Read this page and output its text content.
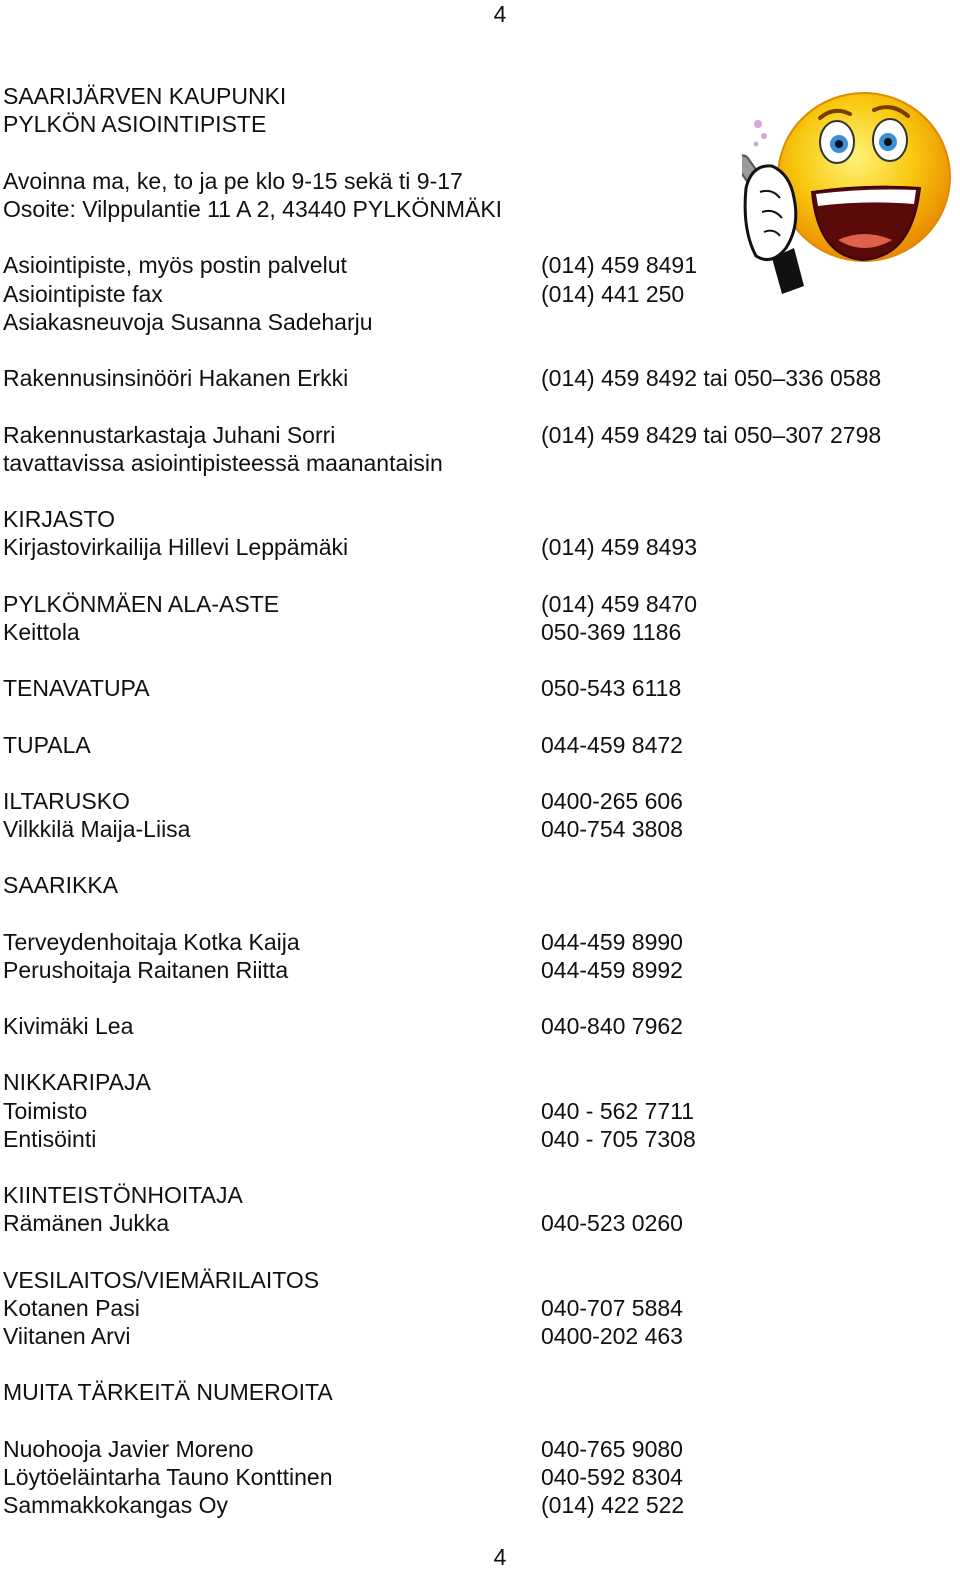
4
SAARIJÄRVEN KAUPUNKI
PYLKÖN ASIOINTIPISTE
Avoinna ma, ke, to ja pe klo 9-15 sekä ti 9-17
Osoite: Vilppulantie 11 A 2, 43440 PYLKÖNMÄKI
Asiointipiste, myös postin palvelut	(014) 459 8491
Asiointipiste fax	(014) 441 250
Asiakasneuvoja Susanna Sadeharju
Rakennusinsinööri Hakanen Erkki	(014) 459 8492 tai 050–336 0588
Rakennustarkastaja Juhani Sorri	(014) 459 8429 tai 050–307 2798
tavattavissa asiointipisteessä maanantaisin
KIRJASTO
Kirjastovirkailija Hillevi Leppämäki	(014) 459 8493
PYLKÖNMÄEN ALA-ASTE	(014) 459 8470
Keittola	050-369 1186
TENAVATUPA	050-543 6118
TUPALA	044-459 8472
ILTARUSKO	0400-265 606
Vilkkilä Maija-Liisa	040-754 3808
SAARIKKA
Terveydenhoitaja Kotka Kaija	044-459 8990
Perushoitaja Raitanen Riitta	044-459 8992
Kivimäki Lea	040-840 7962
NIKKARIPAJA
Toimisto	040 - 562 7711
Entisöinti	040 - 705 7308
KIINTEISTÖNHOITAJA
Rämänen Jukka	040-523 0260
VESILAITOS/VIEMÄRILAITOS
Kotanen Pasi	040-707 5884
Viitanen Arvi	0400-202 463
MUITA TÄRKEITÄ NUMEROITA
Nuohooja Javier Moreno	040-765 9080
Löytöeläintarha Tauno Konttinen	040-592 8304
Sammakkokangas Oy	(014) 422 522
4
